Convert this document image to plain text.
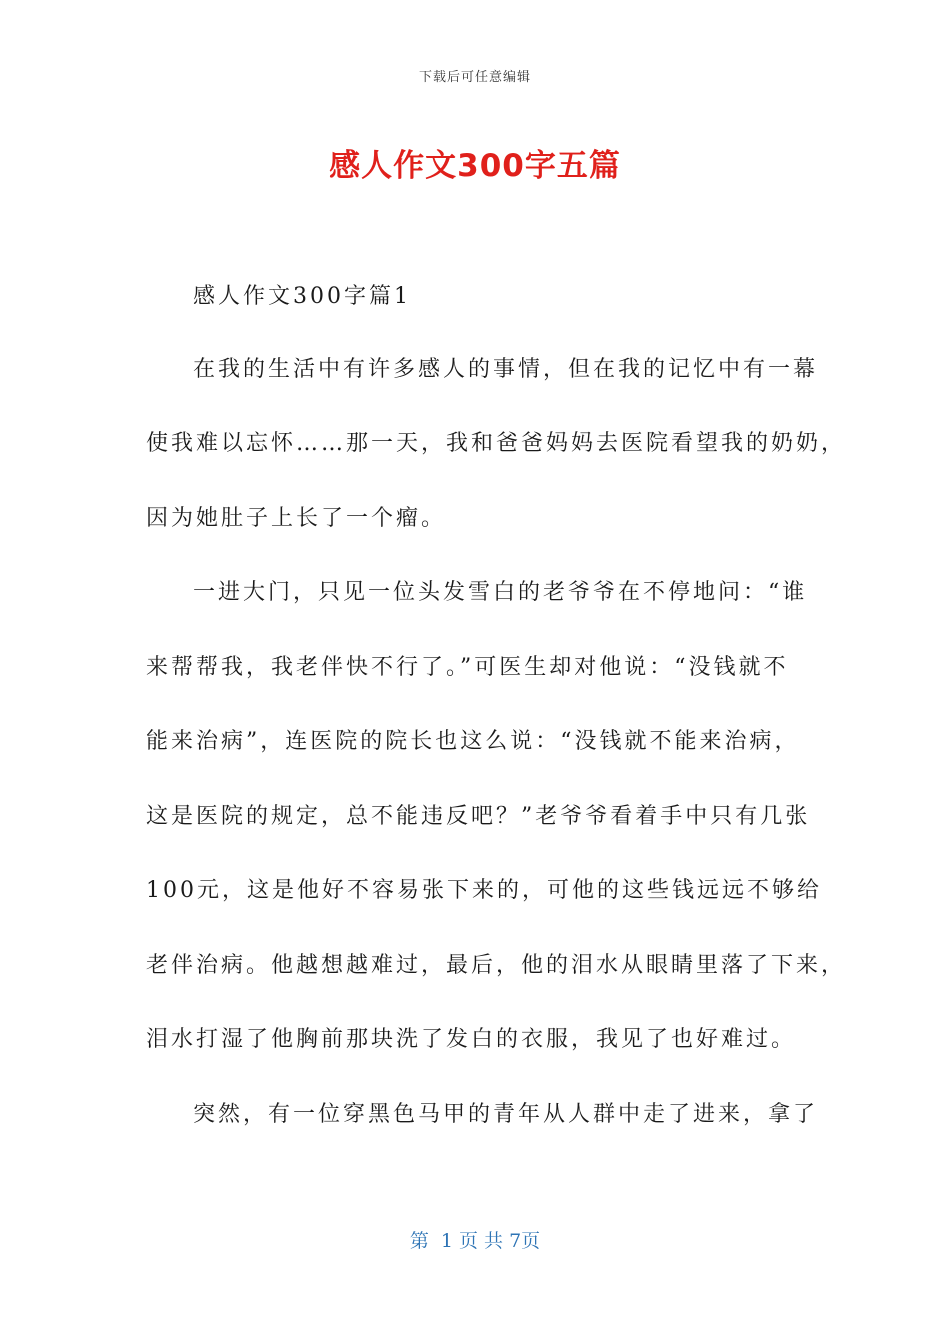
下载后可任意编辑
感人作文300字五篇
感人作文300字篇1
在我的生活中有许多感人的事情，但在我的记忆中有一幕
使我难以忘怀……那一天，我和爸爸妈妈去医院看望我的奶奶，
因为她肚子上长了一个瘤。
一进大门，只见一位头发雪白的老爷爷在不停地问：“谁
来帮帮我，我老伴快不行了。”可医生却对他说：“没钱就不
能来治病”，连医院的院长也这么说：“没钱就不能来治病，
这是医院的规定，总不能违反吧？”老爷爷看着手中只有几张
100元，这是他好不容易张下来的，可他的这些钱远远不够给
老伴治病。他越想越难过，最后，他的泪水从眼睛里落了下来，
泪水打湿了他胸前那块洗了发白的衣服，我见了也好难过。
突然，有一位穿黑色马甲的青年从人群中走了进来，拿了
第  1 页 共 7页
